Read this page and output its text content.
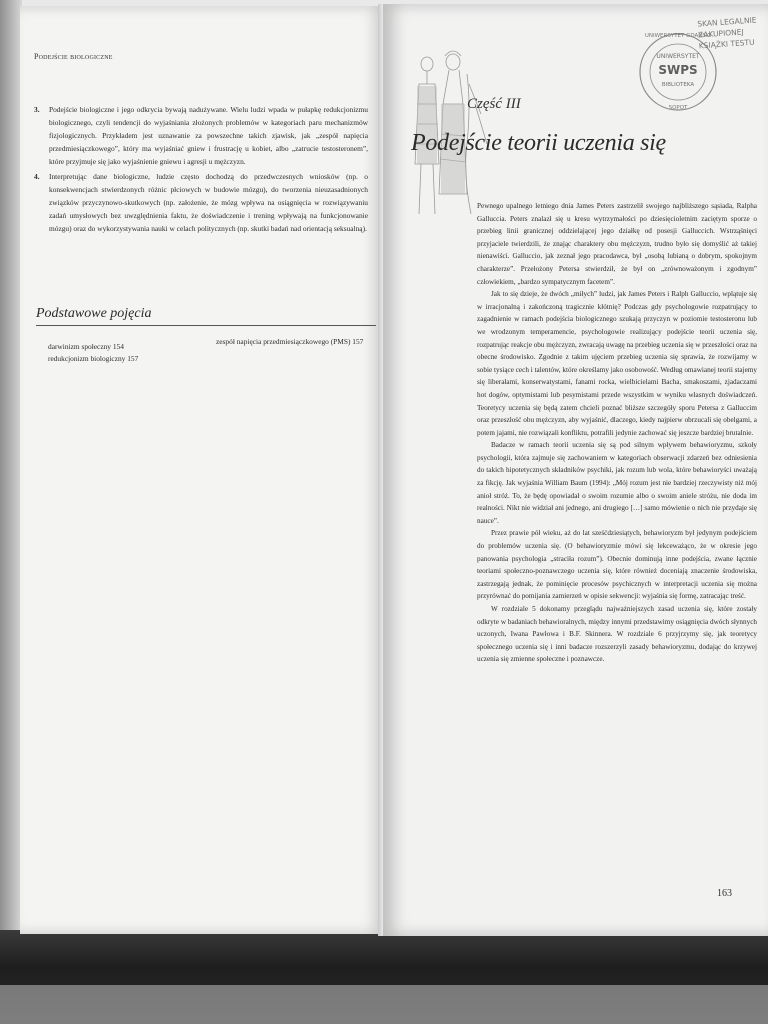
Podejście biologiczne
3. Podejście biologiczne i jego odkrycia bywają nadużywane. Wielu ludzi wpada w pułapkę redukcjonizmu biologicznego, czyli tendencji do wyjaśniania złożonych problemów w kategoriach paru mechanizmów fizjologicznych. Przykładem jest uznawanie za powszechne takich zjawisk, jak „zespół napięcia przedmiesiączkowego”, który ma wyjaśniać gniew i frustrację u kobiet, albo „zatrucie testosteronem”, które przyjmuje się jako wyjaśnienie gniewu i agresji u mężczyzn.
4. Interpretując dane biologiczne, ludzie często dochodzą do przedwczesnych wniosków (np. o konsekwencjach stwierdzonych różnic płciowych w budowie mózgu), do tworzenia nieuzasadnionych związków przyczynowo-skutkowych (np. założenie, że mózg wpływa na osiągnięcia w rozwiązywaniu zadań umysłowych bez uwzględnienia faktu, że doświadczenie i trening wpływają na funkcjonowanie mózgu) oraz do wykorzystywania nauki w celach politycznych (np. skutki badań nad orientacją seksualną).
Podstawowe pojęcia
darwinizm społeczny 154
redukcjonizm biologiczny 157
zespół napięcia przedmiesiączkowego (PMS) 157
UNIWERSYTET GDAŃSKI
UNIWERSYTET
SWPS
BIBLIOTEKA
SOPOT
SKAN LEGALNIE ZAKUPIONEJ KSIĄŻKI TESTU
Część III
Podejście teorii uczenia się

Pewnego upalnego letniego dnia James Peters zastrzelił swojego najbliższego sąsiada, Ralpha Galluccia. Peters znalazł się u kresu wytrzymałości po dziesięcioletnim zaciętym sporze o przebieg linii granicznej oddzielającej jego działkę od posesji Galluccich. Wstrząśnięci przyjaciele twierdzili, że znając charaktery obu mężczyzn, trudno było się domyślić aż takiej nienawiści. Galluccio, jak zeznał jego pracodawca, był „osobą lubianą o dobrym, spokojnym charakterze”. Przełożony Petersa stwierdził, że był on „zrównoważonym i zgodnym” człowiekiem, „bardzo sympatycznym facetem”.

Jak to się dzieje, że dwóch „miłych” ludzi, jak James Peters i Ralph Galluccio, wplątuje się w irracjonalną i zakończoną tragicznie kłótnię? Podczas gdy psychologowie rozpatrujący to zagadnienie w ramach podejścia biologicznego szukają przyczyn w poziomie testosteronu lub we wrodzonym temperamencie, psychologowie realizujący podejście teorii uczenia się, rozpatrując reakcje obu mężczyzn, zwracają uwagę na przebieg uczenia się w przeszłości oraz na obecne środowisko. Zgodnie z takim ujęciem przebieg uczenia się sprawia, że rozwijamy w sobie tysiące cech i talentów, które określamy jako osobowość. Według omawianej teorii stajemy się liberałami, konserwatystami, fanami rocka, wielbicielami Bacha, smakoszami, zjadaczami hot dogów, optymistami lub pesymistami przede wszystkim w wyniku własnych doświadczeń. Teoretycy uczenia się będą zatem chcieli poznać bliższe szczegóły sporu Petersa z Galluccim oraz przeszłość obu mężczyzn, aby wyjaśnić, dlaczego, kiedy najpierw obrzucali się obelgami, a potem jajami, nie rozwiązali konfliktu, potrafili jedynie zachować się jeszcze bardziej brutalnie.

Badacze w ramach teorii uczenia się są pod silnym wpływem behawioryzmu, szkoły psychologii, która zajmuje się zachowaniem w kategoriach obserwacji zdarzeń bez odniesienia do takich hipotetycznych składników psychiki, jak rozum lub wola, które behawioryści uważają za fikcję. Jak wyjaśnia William Baum (1994): „Mój rozum jest nie bardziej rzeczywisty niż mój anioł stróż. To, że będę opowiadał o swoim rozumie albo o swoim aniele stróżu, nie doda im realności. Nikt nie widział ani jednego, ani drugiego […] samo mówienie o nich nie przydaje się nauce”.

Przez prawie pół wieku, aż do lat sześćdziesiątych, behawioryzm był jedynym podejściem do problemów uczenia się. (O behawioryzmie mówi się lekceważąco, że w okresie jego panowania psychologia „straciła rozum”). Obecnie dominują inne podejścia, zwane łącznie teoriami społeczno-poznawczego uczenia się, które również doceniają znaczenie środowiska, zastrzegają jednak, że pominięcie procesów psychicznych w interpretacji uczenia się można przyrównać do pomijania zamierzeń w opisie sekwencji: wyjaśnia się formę, zatracając treść.

W rozdziale 5 dokonamy przeglądu najważniejszych zasad uczenia się, które zostały odkryte w badaniach behawioralnych, między innymi przedstawimy osiągnięcia dwóch słynnych uczonych, Iwana Pawłowa i B.F. Skinnera. W rozdziale 6 przyjrzymy się, jak teoretycy społecznego uczenia się i inni badacze rozszerzyli zasady behawioryzmu, dodając do krzywej uczenia się zmienne społeczne i poznawcze.

163
